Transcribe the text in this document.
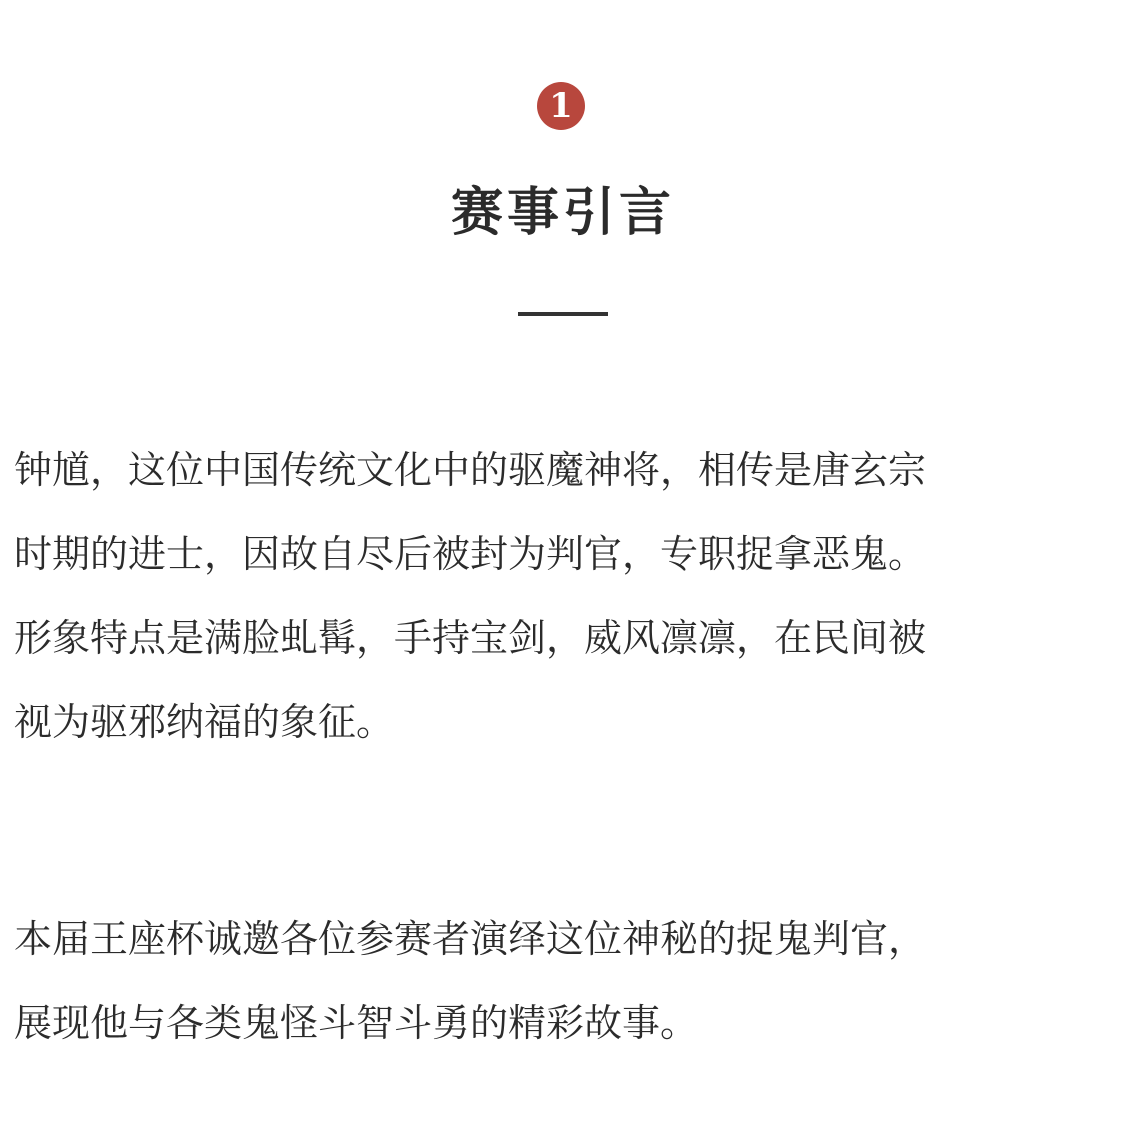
1
赛事引言

钟馗，这位中国传统文化中的驱魔神将，相传是唐玄宗
时期的进士，因故自尽后被封为判官，专职捉拿恶鬼。
形象特点是满脸虬髯，手持宝剑，威风凛凛，在民间被
视为驱邪纳福的象征。

本届王座杯诚邀各位参赛者演绎这位神秘的捉鬼判官，
展现他与各类鬼怪斗智斗勇的精彩故事。
